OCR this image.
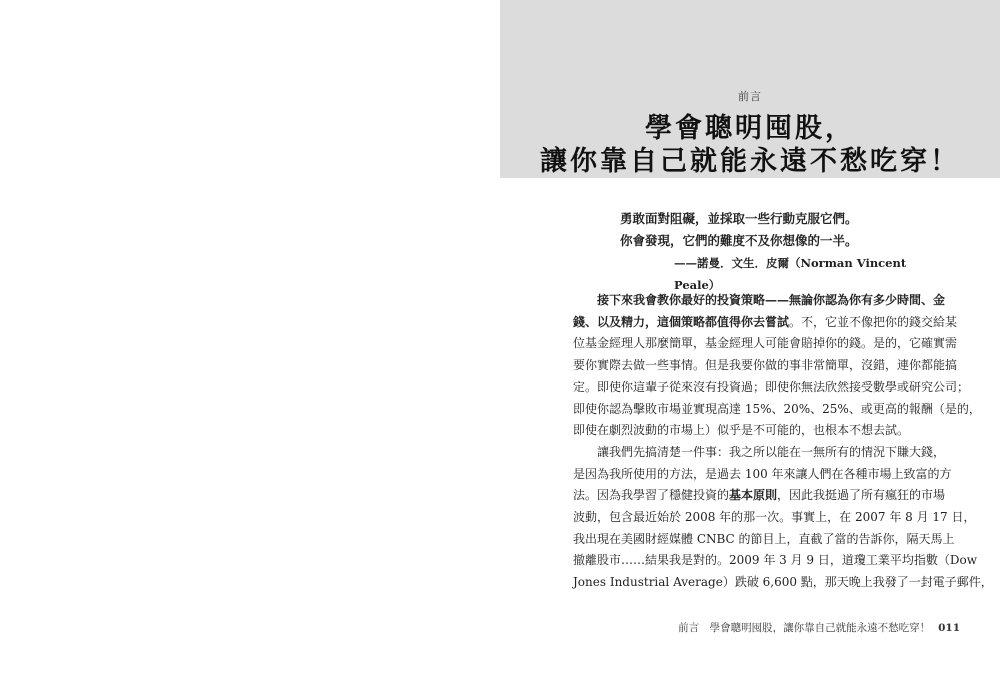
前言
學會聰明囤股，
讓你靠自己就能永遠不愁吃穿！
勇敢面對阻礙，並採取一些行動克服它們。
你會發現，它們的難度不及你想像的一半。
——諾曼．文生．皮爾（Norman Vincent Peale）
接下來我會教你最好的投資策略——無論你認為你有多少時間、金
錢、以及精力，這個策略都值得你去嘗試。不，它並不像把你的錢交給某
位基金經理人那麼簡單，基金經理人可能會賠掉你的錢。是的，它確實需
要你實際去做一些事情。但是我要你做的事非常簡單，沒錯，連你都能搞
定。即使你這輩子從來沒有投資過；即使你無法欣然接受數學或研究公司；
即使你認為擊敗市場並實現高達 15%、20%、25%、或更高的報酬（是的，
即使在劇烈波動的市場上）似乎是不可能的，也根本不想去試。
讓我們先搞清楚一件事：我之所以能在一無所有的情況下賺大錢，
是因為我所使用的方法，是過去 100 年來讓人們在各種市場上致富的方
法。因為我學習了穩健投資的基本原則，因此我挺過了所有瘋狂的市場
波動，包含最近始於 2008 年的那一次。事實上，在 2007 年 8 月 17 日，
我出現在美國財經媒體 CNBC 的節目上，直截了當的告訴你，隔天馬上
撤離股市……結果我是對的。2009 年 3 月 9 日，道瓊工業平均指數（Dow
Jones Industrial Average）跌破 6,600 點，那天晚上我發了一封電子郵件，
前言　學會聰明囤股，讓你靠自己就能永遠不愁吃穿！ 011
